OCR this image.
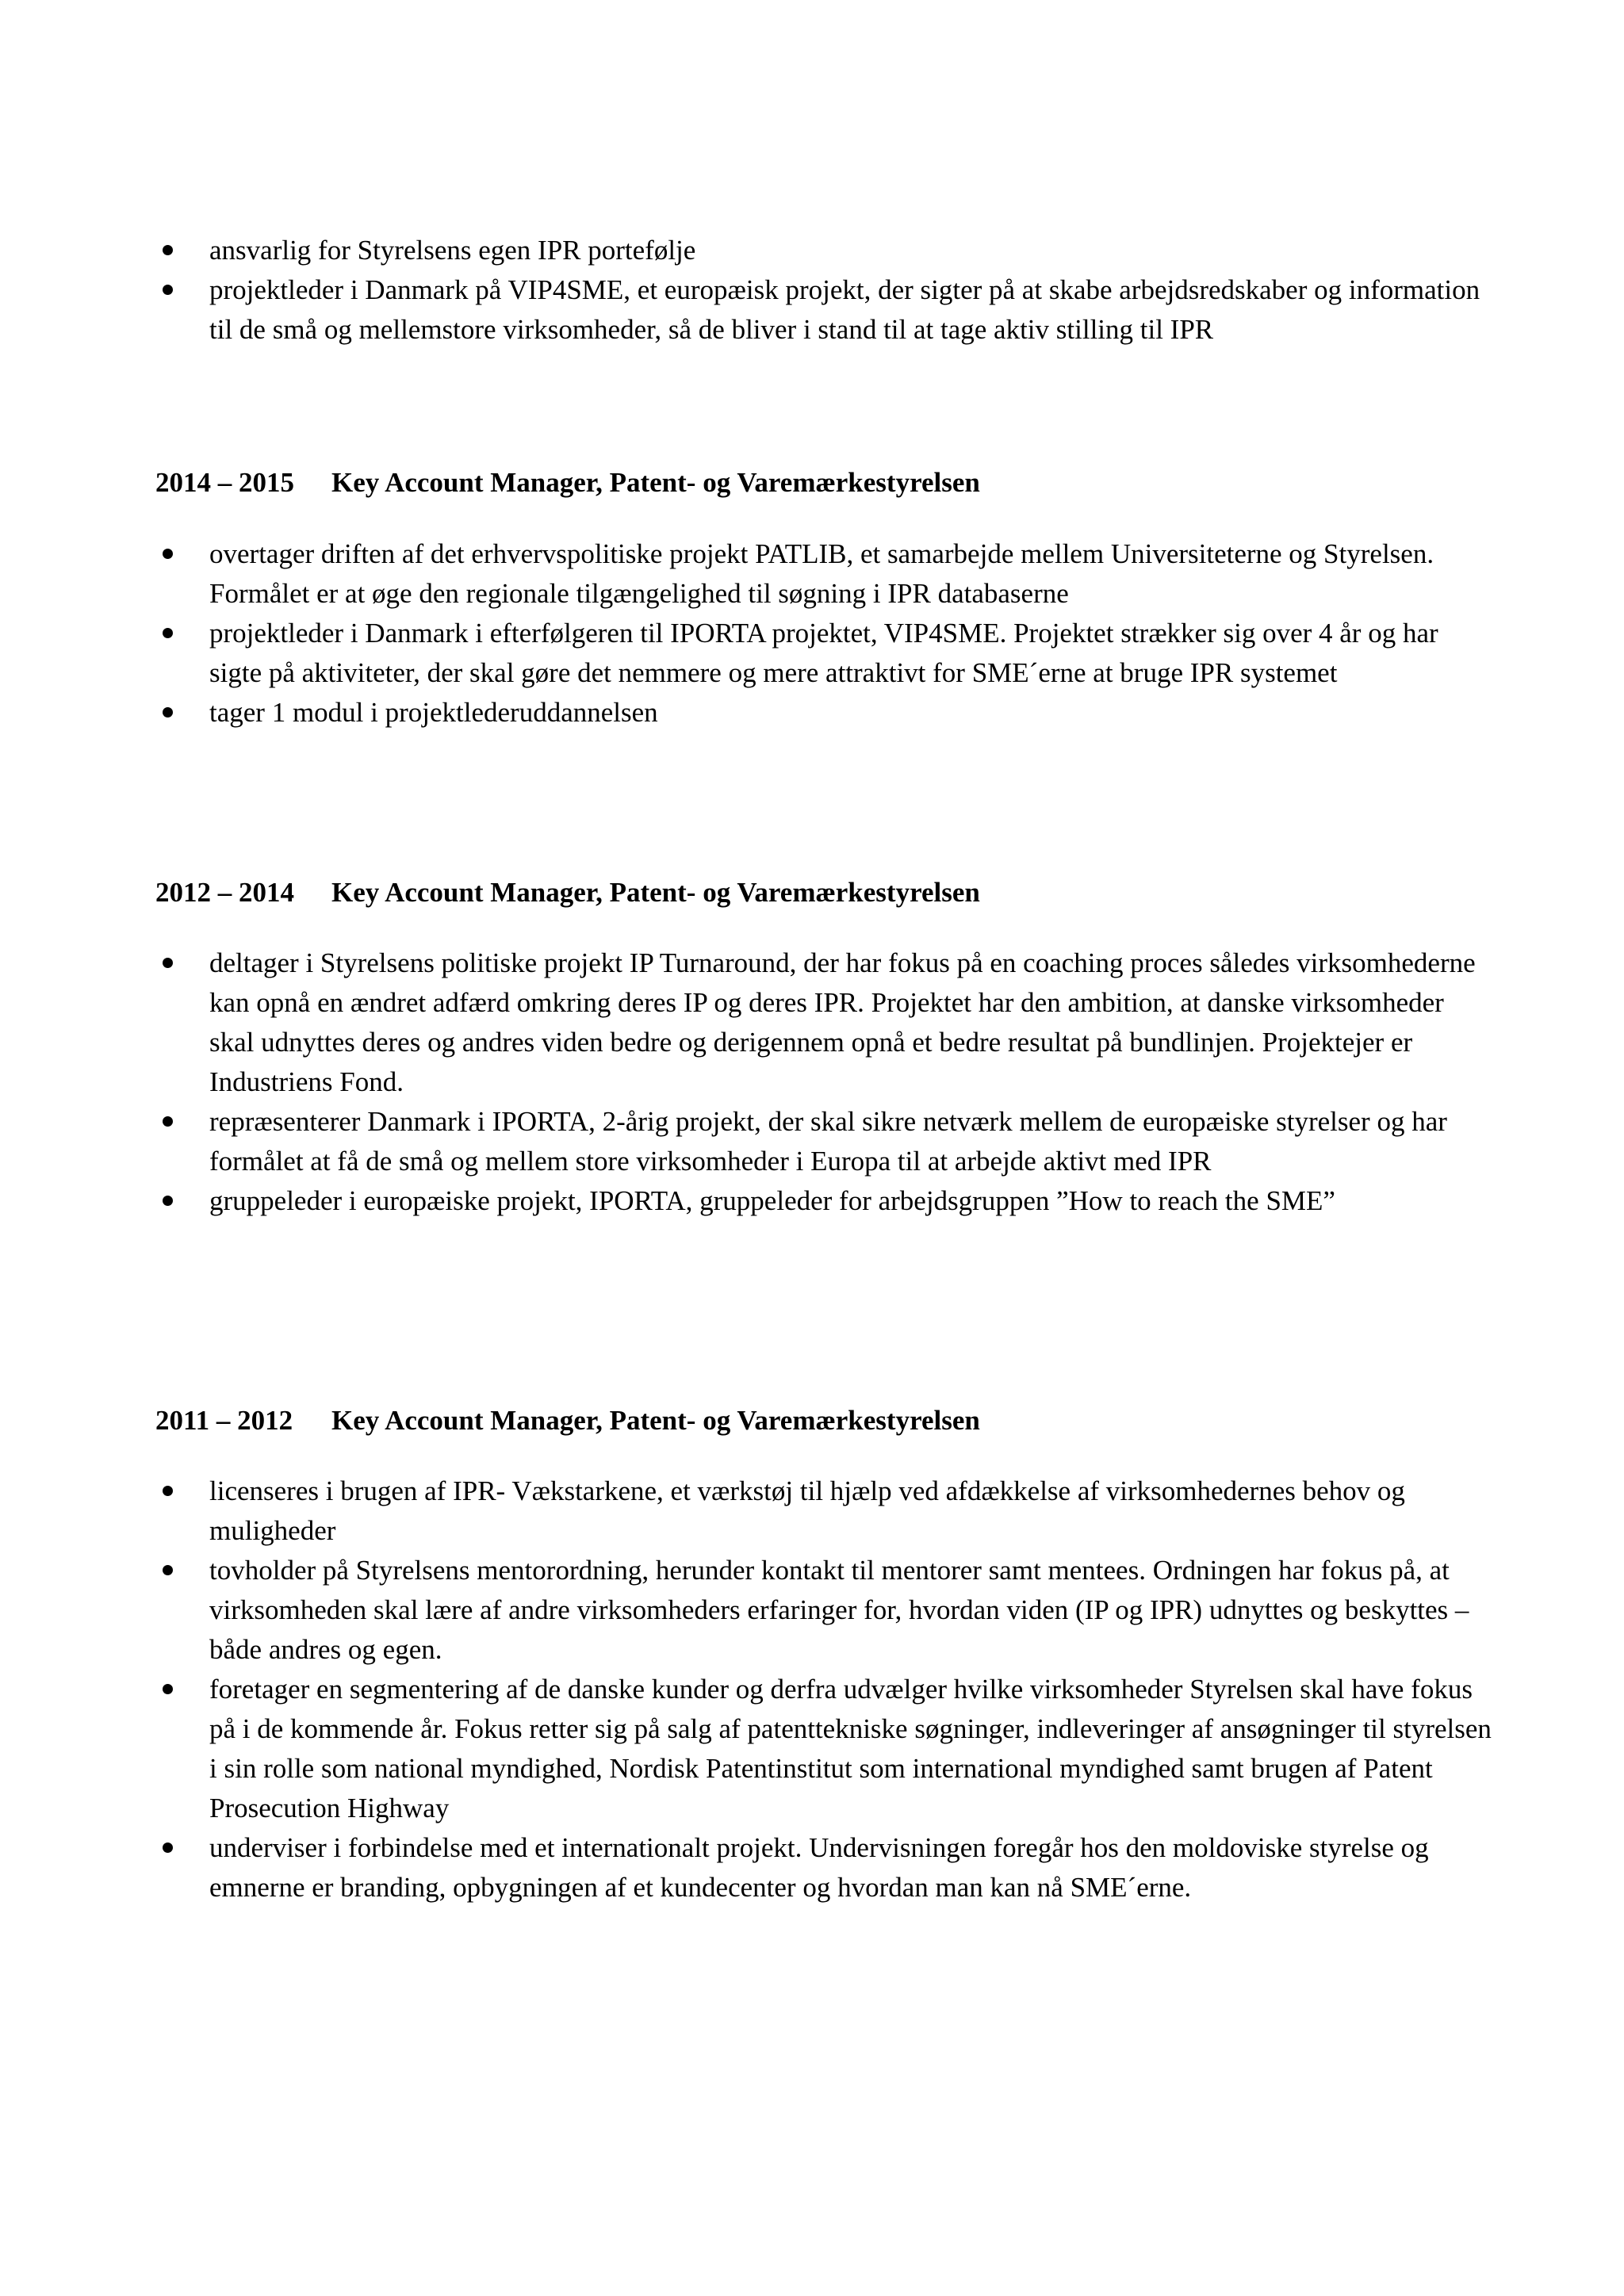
ansvarlig for Styrelsens egen IPR portefølje
projektleder i Danmark på VIP4SME, et europæisk projekt, der sigter på at skabe arbejdsredskaber og information til de små og mellemstore virksomheder, så de bliver i stand til at tage aktiv stilling til IPR
2014 – 2015 Key Account Manager, Patent- og Varemærkestyrelsen
overtager driften af det erhvervspolitiske projekt PATLIB, et samarbejde mellem Universiteterne og Styrelsen. Formålet er at øge den regionale tilgængelighed til søgning i IPR databaserne
projektleder i Danmark i efterfølgeren til IPORTA projektet, VIP4SME. Projektet strækker sig over 4 år og har sigte på aktiviteter, der skal gøre det nemmere og mere attraktivt for SME´erne at bruge IPR systemet
tager 1 modul i projektlederuddannelsen
2012 – 2014 Key Account Manager, Patent- og Varemærkestyrelsen
deltager i Styrelsens politiske projekt IP Turnaround, der har fokus på en coaching proces således virksomhederne kan opnå en ændret adfærd omkring deres IP og deres IPR. Projektet har den ambition, at danske virksomheder skal udnyttes deres og andres viden bedre og derigennem opnå et bedre resultat på bundlinjen. Projektejer er Industriens Fond.
repræsenterer Danmark i IPORTA, 2-årig projekt, der skal sikre netværk mellem de europæiske styrelser og har formålet at få de små og mellem store virksomheder i Europa til at arbejde aktivt med IPR
gruppeleder i europæiske projekt, IPORTA, gruppeleder for arbejdsgruppen ”How to reach the SME”
2011 – 2012 Key Account Manager, Patent- og Varemærkestyrelsen
licenseres i brugen af IPR- Vækstarkene, et værkstøj til hjælp ved afdækkelse af virksomhedernes behov og muligheder
tovholder på Styrelsens mentorordning, herunder kontakt til mentorer samt mentees. Ordningen har fokus på, at virksomheden skal lære af andre virksomheders erfaringer for, hvordan viden (IP og IPR) udnyttes og beskyttes – både andres og egen.
foretager en segmentering af de danske kunder og derfra udvælger hvilke virksomheder Styrelsen skal have fokus på i de kommende år. Fokus retter sig på salg af patenttekniske søgninger, indleveringer af ansøgninger til styrelsen i sin rolle som national myndighed, Nordisk Patentinstitut som international myndighed samt brugen af Patent Prosecution Highway
underviser i forbindelse med et internationalt projekt. Undervisningen foregår hos den moldoviske styrelse og emnerne er branding, opbygningen af et kundecenter og hvordan man kan nå SME´erne.
